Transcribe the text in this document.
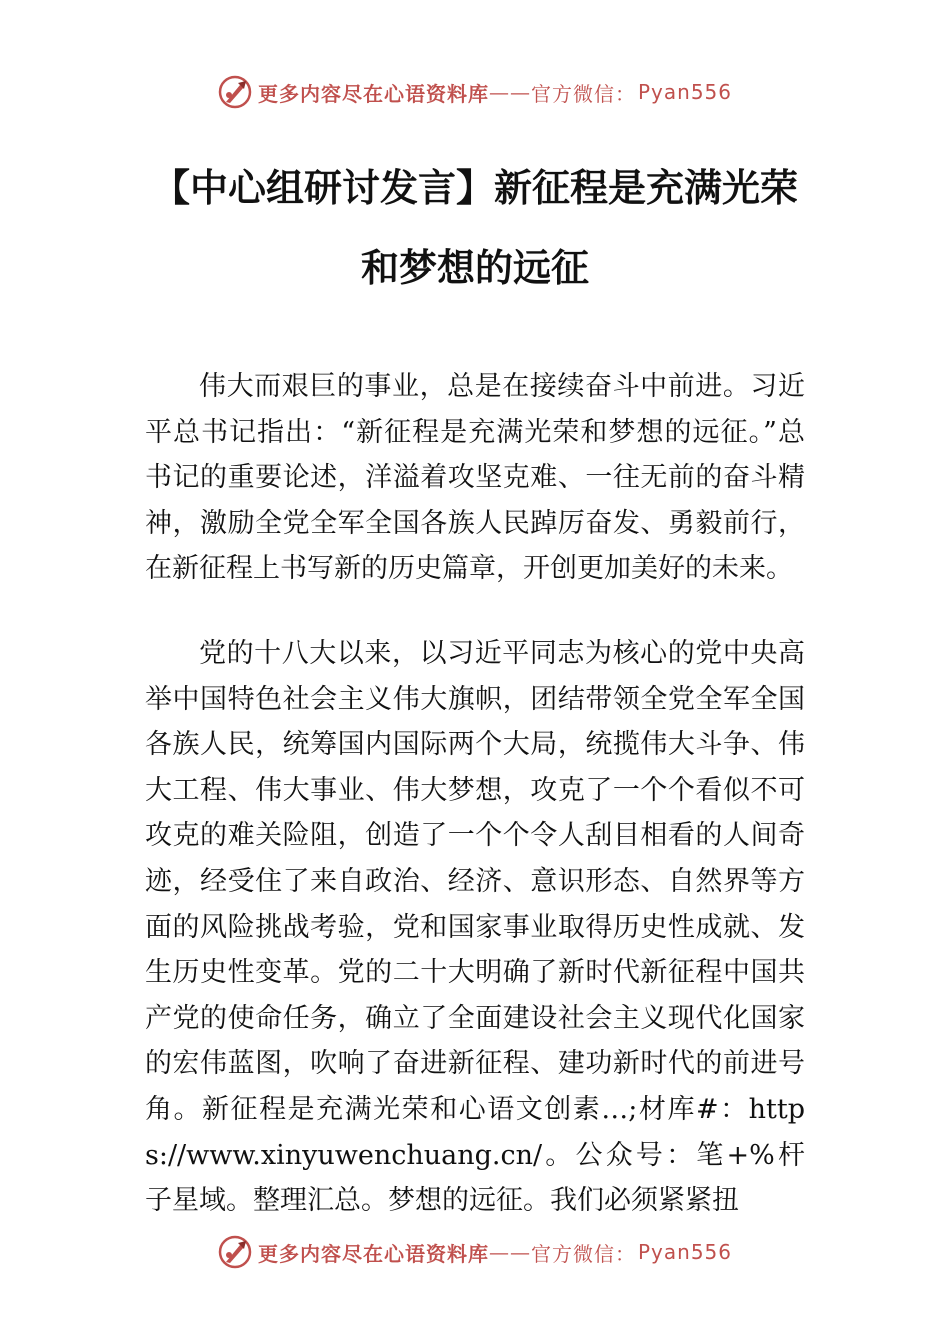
更多内容尽在心语资料库 —— 官方微信： Pyan556
【中心组研讨发言】新征程是充满光荣和梦想的远征

伟大而艰巨的事业，总是在接续奋斗中前进。习近平总书记指出：“新征程是充满光荣和梦想的远征。”总书记的重要论述，洋溢着攻坚克难、一往无前的奋斗精神，激励全党全军全国各族人民踔厉奋发、勇毅前行，在新征程上书写新的历史篇章，开创更加美好的未来。

党的十八大以来，以习近平同志为核心的党中央高举中国特色社会主义伟大旗帜，团结带领全党全军全国各族人民，统筹国内国际两个大局，统揽伟大斗争、伟大工程、伟大事业、伟大梦想，攻克了一个个看似不可攻克的难关险阻，创造了一个个令人刮目相看的人间奇迹，经受住了来自政治、经济、意识形态、自然界等方面的风险挑战考验，党和国家事业取得历史性成就、发生历史性变革。党的二十大明确了新时代新征程中国共产党的使命任务，确立了全面建设社会主义现代化国家的宏伟蓝图，吹响了奋进新征程、建功新时代的前进号角。新征程是充满光荣和心语文创素…;材库#：https://www.xinyuwenchuang.cn/。公众号：笔+%杆子星域。整理汇总。梦想的远征。我们必须紧紧扭

更多内容尽在心语资料库 —— 官方微信： Pyan556
